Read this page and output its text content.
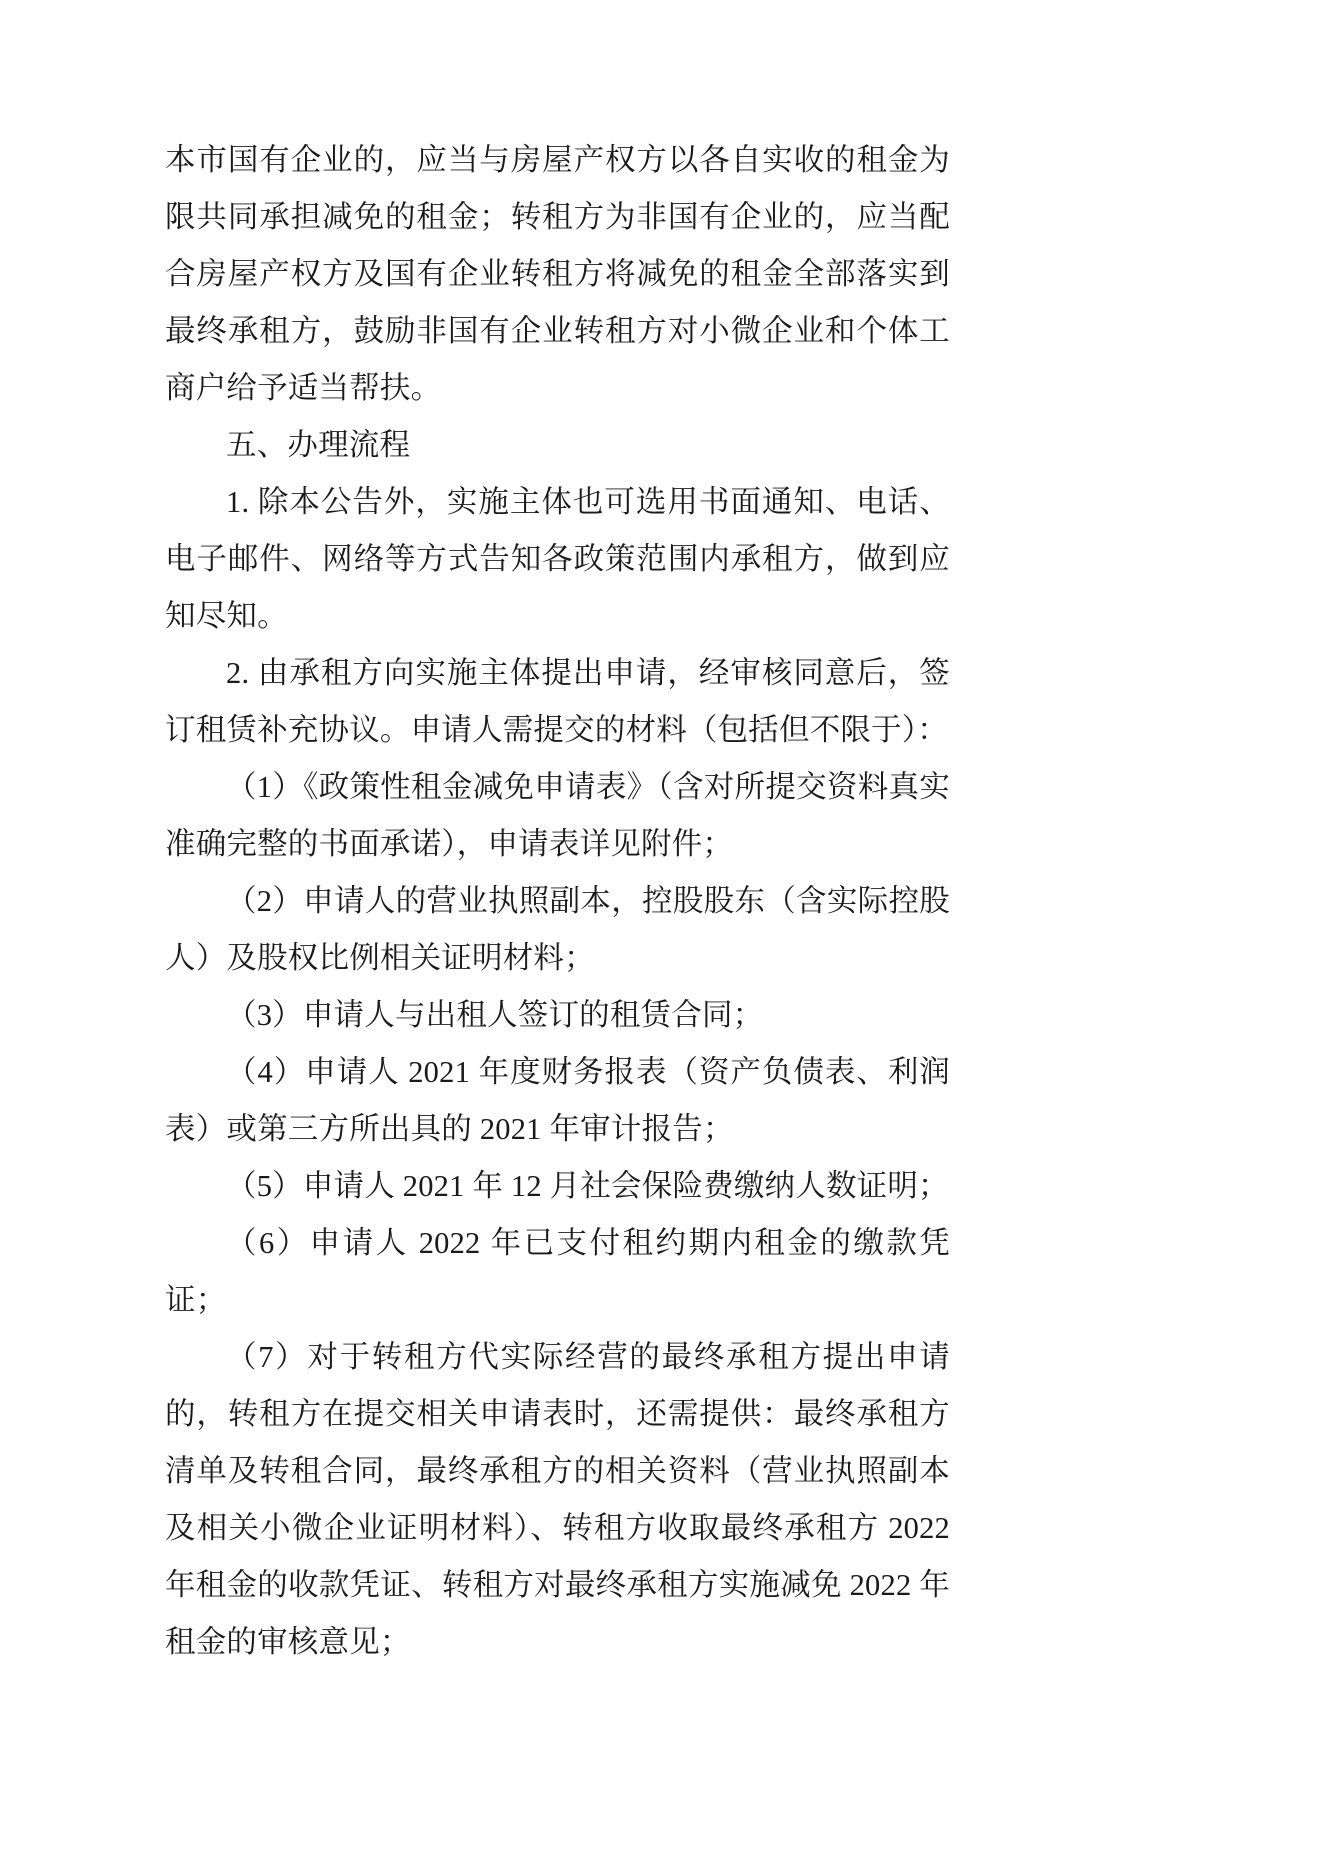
本市国有企业的，应当与房屋产权方以各自实收的租金为限共同承担减免的租金；转租方为非国有企业的，应当配合房屋产权方及国有企业转租方将减免的租金全部落实到最终承租方，鼓励非国有企业转租方对小微企业和个体工商户给予适当帮扶。

五、办理流程

1. 除本公告外，实施主体也可选用书面通知、电话、电子邮件、网络等方式告知各政策范围内承租方，做到应知尽知。

2. 由承租方向实施主体提出申请，经审核同意后，签订租赁补充协议。申请人需提交的材料（包括但不限于）：

（1）《政策性租金减免申请表》（含对所提交资料真实准确完整的书面承诺），申请表详见附件；

（2）申请人的营业执照副本，控股股东（含实际控股人）及股权比例相关证明材料；

（3）申请人与出租人签订的租赁合同；

（4）申请人 2021 年度财务报表（资产负债表、利润表）或第三方所出具的 2021 年审计报告；

（5）申请人 2021 年 12 月社会保险费缴纳人数证明；

（6）申请人 2022 年已支付租约期内租金的缴款凭证；

（7）对于转租方代实际经营的最终承租方提出申请的，转租方在提交相关申请表时，还需提供：最终承租方清单及转租合同，最终承租方的相关资料（营业执照副本及相关小微企业证明材料）、转租方收取最终承租方 2022 年租金的收款凭证、转租方对最终承租方实施减免 2022 年租金的审核意见；
